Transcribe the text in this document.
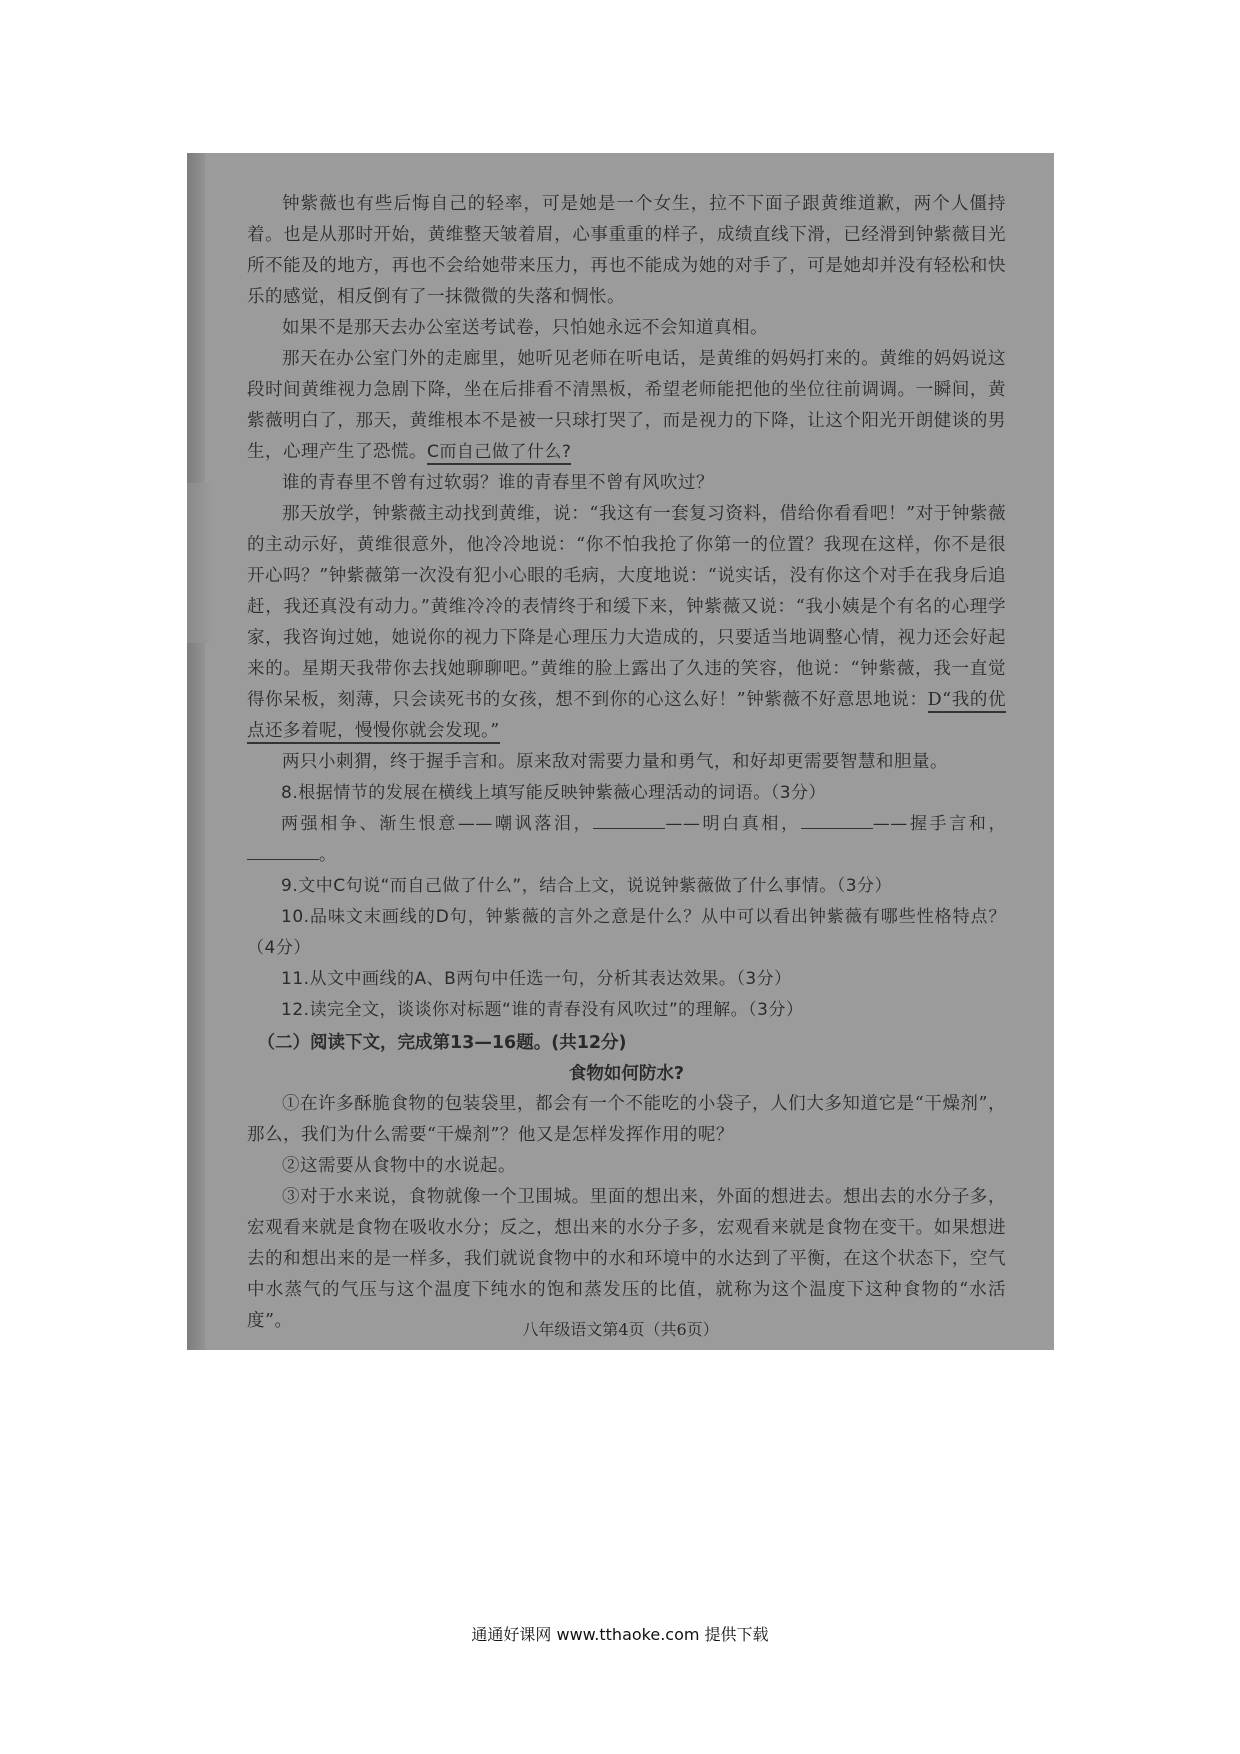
钟紫薇也有些后悔自己的轻率，可是她是一个女生，拉不下面子跟黄维道歉，两个人僵持着。也是从那时开始，黄维整天皱着眉，心事重重的样子，成绩直线下滑，已经滑到钟紫薇目光所不能及的地方，再也不会给她带来压力，再也不能成为她的对手了，可是她却并没有轻松和快乐的感觉，相反倒有了一抹微微的失落和惆怅。

如果不是那天去办公室送考试卷，只怕她永远不会知道真相。

那天在办公室门外的走廊里，她听见老师在听电话，是黄维的妈妈打来的。黄维的妈妈说这段时间黄维视力急剧下降，坐在后排看不清黑板，希望老师能把他的坐位往前调调。一瞬间，黄紫薇明白了，那天，黄维根本不是被一只球打哭了，而是视力的下降，让这个阳光开朗健谈的男生，心理产生了恐慌。C而自己做了什么?

谁的青春里不曾有过软弱？谁的青春里不曾有风吹过？

那天放学，钟紫薇主动找到黄维，说：“我这有一套复习资料，借给你看看吧！”对于钟紫薇的主动示好，黄维很意外，他冷冷地说：“你不怕我抢了你第一的位置？我现在这样，你不是很开心吗？”钟紫薇第一次没有犯小心眼的毛病，大度地说：“说实话，没有你这个对手在我身后追赶，我还真没有动力。”黄维冷冷的表情终于和缓下来，钟紫薇又说：“我小姨是个有名的心理学家，我咨询过她，她说你的视力下降是心理压力大造成的，只要适当地调整心情，视力还会好起来的。星期天我带你去找她聊聊吧。”黄维的脸上露出了久违的笑容，他说：“钟紫薇，我一直觉得你呆板，刻薄，只会读死书的女孩，想不到你的心这么好！”钟紫薇不好意思地说：D“我的优点还多着呢，慢慢你就会发现。”

两只小刺猬，终于握手言和。原来敌对需要力量和勇气，和好却更需要智慧和胆量。

8.根据情节的发展在横线上填写能反映钟紫薇心理活动的词语。（3分）

两强相争、渐生恨意——嘲讽落泪，	——明白真相，	——握手言和，。

9.文中C句说“而自己做了什么”，结合上文，说说钟紫薇做了什么事情。（3分）

10.品味文末画线的D句，钟紫薇的言外之意是什么？从中可以看出钟紫薇有哪些性格特点？（4分）

11.从文中画线的A、B两句中任选一句，分析其表达效果。（3分）

12.读完全文，谈谈你对标题“谁的青春没有风吹过”的理解。（3分）

（二）阅读下文，完成第13—16题。(共12分)

食物如何防水?

①在许多酥脆食物的包装袋里，都会有一个不能吃的小袋子，人们大多知道它是“干燥剂”，那么，我们为什么需要“干燥剂”？他又是怎样发挥作用的呢？

②这需要从食物中的水说起。

③对于水来说，食物就像一个卫围城。里面的想出来，外面的想进去。想出去的水分子多，宏观看来就是食物在吸收水分；反之，想出来的水分子多，宏观看来就是食物在变干。如果想进去的和想出来的是一样多，我们就说食物中的水和环境中的水达到了平衡，在这个状态下，空气中水蒸气的气压与这个温度下纯水的饱和蒸发压的比值，就称为这个温度下这种食物的“水活度”。	八年级语文第4页（共6页）
通通好课网 www.tthaoke.com 提供下载
